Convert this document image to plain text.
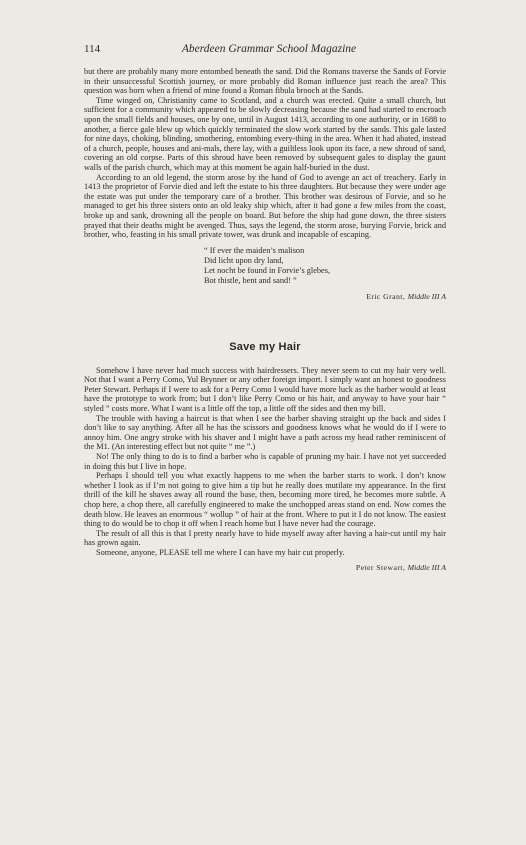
114	Aberdeen Grammar School Magazine

but there are probably many more entombed beneath the sand. Did the Romans traverse the Sands of Forvie in their unsuccessful Scottish journey, or more probably did Roman influence just reach the area? This question was born when a friend of mine found a Roman fibula brooch at the Sands.

Time winged on, Christianity came to Scotland, and a church was erected. Quite a small church, but sufficient for a community which appeared to be slowly decreasing because the sand had started to encroach upon the small fields and houses, one by one, until in August 1413, according to one authority, or in 1688 to another, a fierce gale blew up which quickly terminated the slow work started by the sands. This gale lasted for nine days, choking, blinding, smothering, entombing every-thing in the area. When it had abated, instead of a church, people, houses and ani-mals, there lay, with a guiltless look upon its face, a new shroud of sand, covering an old corpse. Parts of this shroud have been removed by subsequent gales to display the gaunt walls of the parish church, which may at this moment be again half-buried in the dust.

According to an old legend, the storm arose by the hand of God to avenge an act of treachery. Early in 1413 the proprietor of Forvie died and left the estate to his three daughters. But because they were under age the estate was put under the temporary care of a brother. This brother was desirous of Forvie, and so he managed to get his three sisters onto an old leaky ship which, after it had gone a few miles from the coast, broke up and sank, drowning all the people on board. But before the ship had gone down, the three sisters prayed that their deaths might be avenged. Thus, says the legend, the storm arose, burying Forvie, brick and brother, who, feasting in his small private tower, was drunk and incapable of escaping.

“ If ever the maiden’s malison
Did licht upon dry land,
Let nocht be found in Forvie’s glebes,
Bot thistle, bent and sand! ”
Eric Grant, Middle III A
Save my Hair

Somehow I have never had much success with hairdressers. They never seem to cut my hair very well. Not that I want a Perry Como, Yul Brynner or any other foreign import. I simply want an honest to goodness Peter Stewart. Perhaps if I were to ask for a Perry Como I would have more luck as the barber would at least have the prototype to work from; but I don’t like Perry Como or his hair, and anyway to have your hair “ styled ” costs more. What I want is a little off the top, a little off the sides and then my bill.

The trouble with having a haircut is that when I see the barber shaving straight up the back and sides I don’t like to say anything. After all he has the scissors and goodness knows what he would do if I were to annoy him. One angry stroke with his shaver and I might have a path across my head rather reminiscent of the M1. (An interesting effect but not quite “ me ”.)

No! The only thing to do is to find a barber who is capable of pruning my hair. I have not yet succeeded in doing this but I live in hope.

Perhaps I should tell you what exactly happens to me when the barber starts to work. I don’t know whether I look as if I’m not going to give him a tip but he really does mutilate my appearance. In the first thrill of the kill he shaves away all round the base, then, becoming more tired, he becomes more subtle. A chop here, a chop there, all carefully engineered to make the unchopped areas stand on end. Now comes the death blow. He leaves an enormous “ wollup ” of hair at the front. Where to put it I do not know. The easiest thing to do would be to chop it off when I reach home but I have never had the courage.

The result of all this is that I pretty nearly have to hide myself away after having a hair-cut until my hair has grown again.

Someone, anyone, PLEASE tell me where I can have my hair cut properly.

Peter Stewart, Middle III A
